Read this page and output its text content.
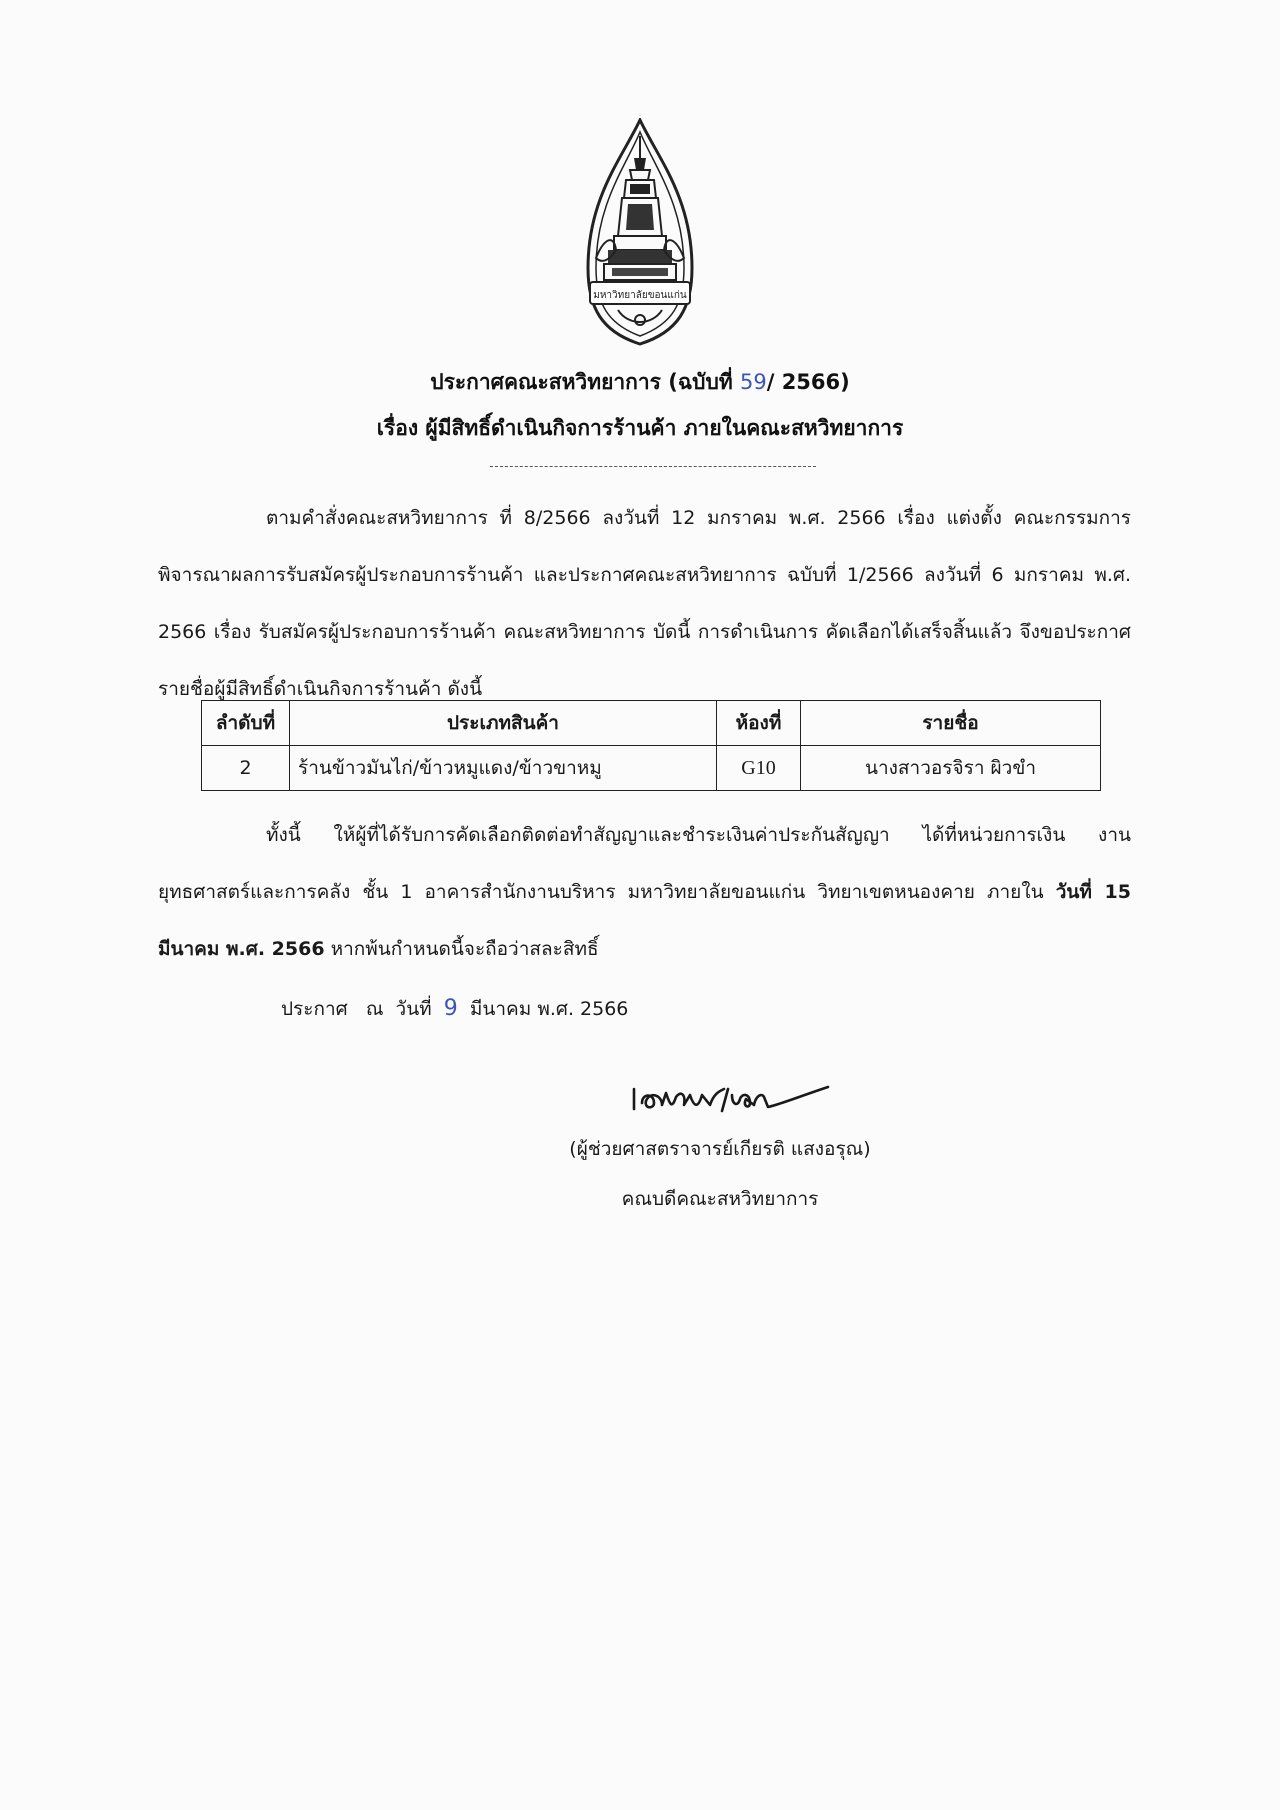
มหาวิทยาลัยขอนแก่น
ประกาศคณะสหวิทยาการ (ฉบับที่ 59/ 2566)
เรื่อง ผู้มีสิทธิ์ดำเนินกิจการร้านค้า ภายในคณะสหวิทยาการ

ตามคำสั่งคณะสหวิทยาการ ที่ 8/2566 ลงวันที่ 12 มกราคม พ.ศ. 2566 เรื่อง แต่งตั้ง คณะกรรมการพิจารณาผลการรับสมัครผู้ประกอบการร้านค้า และประกาศคณะสหวิทยาการ ฉบับที่ 1/2566 ลงวันที่ 6 มกราคม พ.ศ. 2566 เรื่อง รับสมัครผู้ประกอบการร้านค้า คณะสหวิทยาการ บัดนี้ การดำเนินการ คัดเลือกได้เสร็จสิ้นแล้ว จึงขอประกาศรายชื่อผู้มีสิทธิ์ดำเนินกิจการร้านค้า ดังนี้

ลำดับที่	ประเภทสินค้า	ห้องที่	รายชื่อ
2	ร้านข้าวมันไก่/ข้าวหมูแดง/ข้าวขาหมู	G10	นางสาวอรจิรา ผิวขำ

ทั้งนี้ ให้ผู้ที่ได้รับการคัดเลือกติดต่อทำสัญญาและชำระเงินค่าประกันสัญญา ได้ที่หน่วยการเงิน งานยุทธศาสตร์และการคลัง ชั้น 1 อาคารสำนักงานบริหาร มหาวิทยาลัยขอนแก่น วิทยาเขตหนองคาย ภายใน วันที่ 15 มีนาคม พ.ศ. 2566 หากพ้นกำหนดนี้จะถือว่าสละสิทธิ์

ประกาศ   ณ  วันที่  9  มีนาคม พ.ศ. 2566
(ผู้ช่วยศาสตราจารย์เกียรติ แสงอรุณ)
คณบดีคณะสหวิทยาการ
